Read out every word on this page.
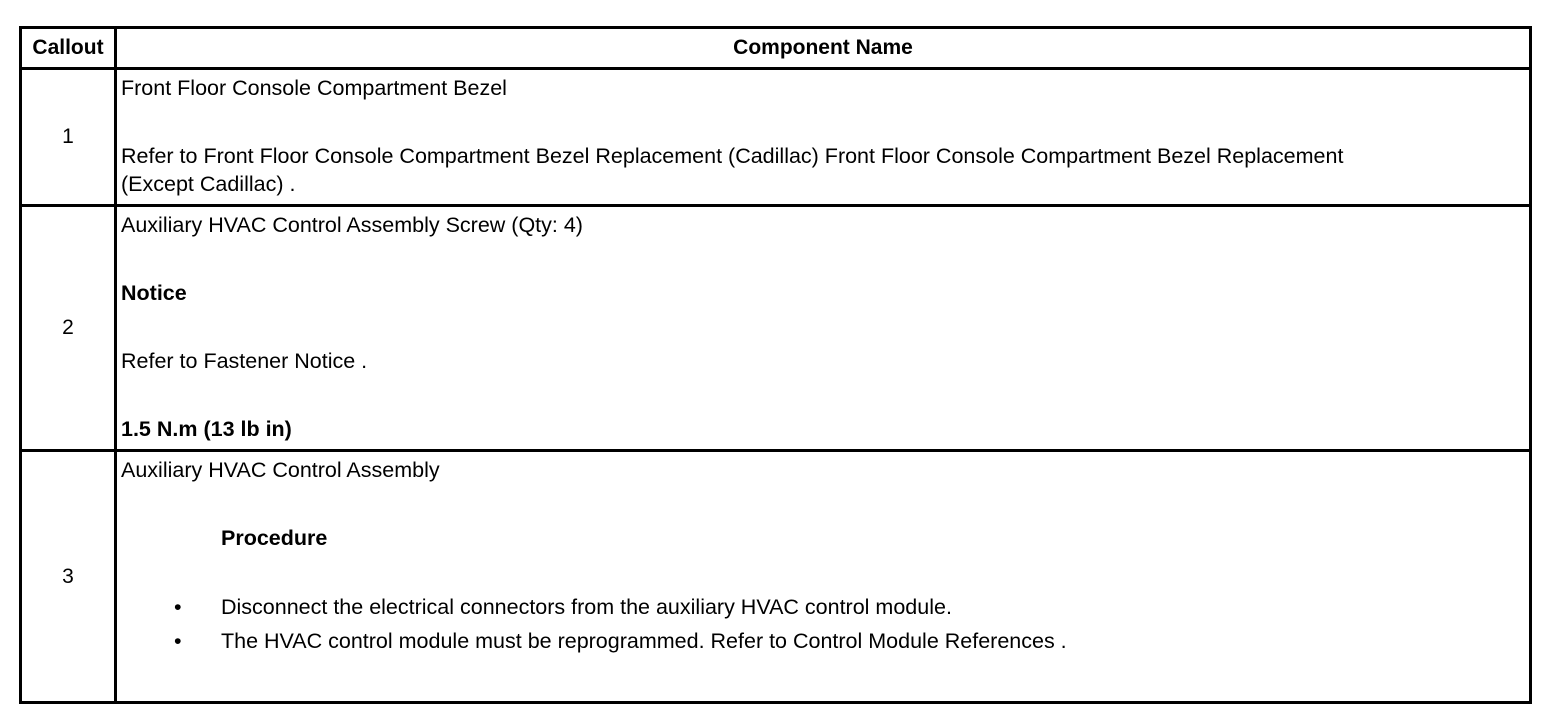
Callout	Component Name
1
Front Floor Console Compartment Bezel
Refer to Front Floor Console Compartment Bezel Replacement (Cadillac) Front Floor Console Compartment Bezel Replacement (Except Cadillac) .
2
Auxiliary HVAC Control Assembly Screw (Qty: 4)
Notice
Refer to Fastener Notice .
1.5 N.m (13 lb in)
3
Auxiliary HVAC Control Assembly
Procedure
• Disconnect the electrical connectors from the auxiliary HVAC control module.
• The HVAC control module must be reprogrammed. Refer to Control Module References .
